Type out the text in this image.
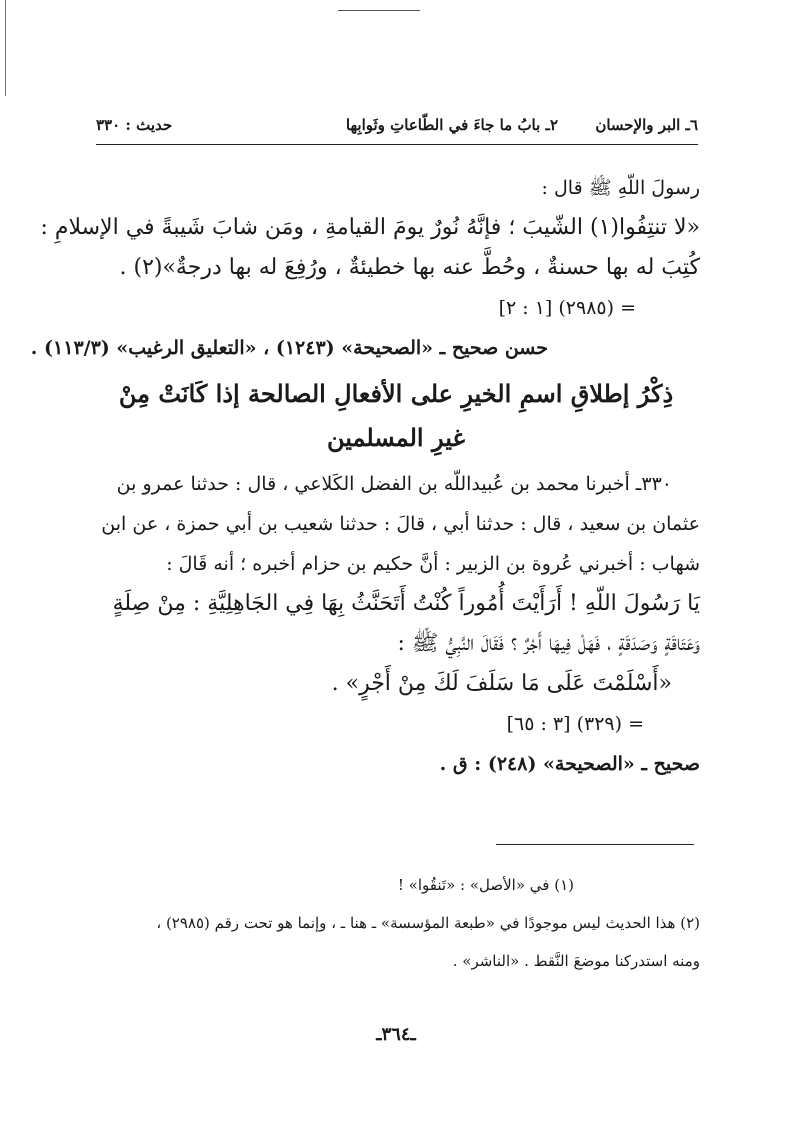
٦ـ البر والإحسان
٢ـ بابُ ما جاءَ في الطّاعاتِ وثَوابِها
حديث : ٣٣٠
رسولَ اللّهِ ﷺ قال :
«لا تنتِفُوا(١) الشّيبَ ؛ فإنَّهُ نُورٌ يومَ القيامةِ ، ومَن شابَ شَيبةً في الإسلامِ :
كُتِبَ له بها حسنةٌ ، وحُطَّ عنه بها خطيئةٌ ، ورُفِعَ له بها درجةٌ»(٢) .
= (٢٩٨٥) [١ : ٢]
حسن صحيح ـ «الصحيحة» (١٢٤٣) ، «التعليق الرغيب» (١١٣/٣) .
ذِكْرُ إطلاقِ اسمِ الخيرِ على الأفعالِ الصالحة إذا كَانَتْ مِنْ
غيرِ المسلمين
٣٣٠ـ أخبرنا محمد بن عُبيداللّه بن الفضل الكَلاعي ، قال : حدثنا عمرو بن
عثمان بن سعيد ، قال : حدثنا أبي ، قالَ : حدثنا شعيب بن أبي حمزة ، عن ابن
شهاب : أخبرني عُروة بن الزبير : أنَّ حكيم بن حزام أخبره ؛ أنه قَالَ :
يَا رَسُولَ اللّهِ ! أَرَأَيْتَ أُمُوراً كُنْتُ أَتَحَنَّثُ بِهَا فِي الجَاهِلِيَّةِ : مِنْ صِلَةٍ
وَعَتَاقَةٍ وَصَدَقَةٍ ، فَهَلْ فِيهَا أَجْرٌ ؟ فَقَالَ النَّبِيُّ ﷺ :
«أَسْلَمْتَ عَلَى مَا سَلَفَ لَكَ مِنْ أَجْرٍ» .
= (٣٢٩) [٣ : ٦٥]
صحيح ـ «الصحيحة» (٢٤٨) : ق .
(١) في «الأصل» : «تَنقُوا» !
(٢) هذا الحديث ليس موجودًا في «طبعة المؤسسة» ـ هنا ـ ، وإنما هو تحت رقم (٢٩٨٥) ،
ومنه استدركنا موضعَ النَّقط . «الناشر» .
ـ٣٦٤ـ
